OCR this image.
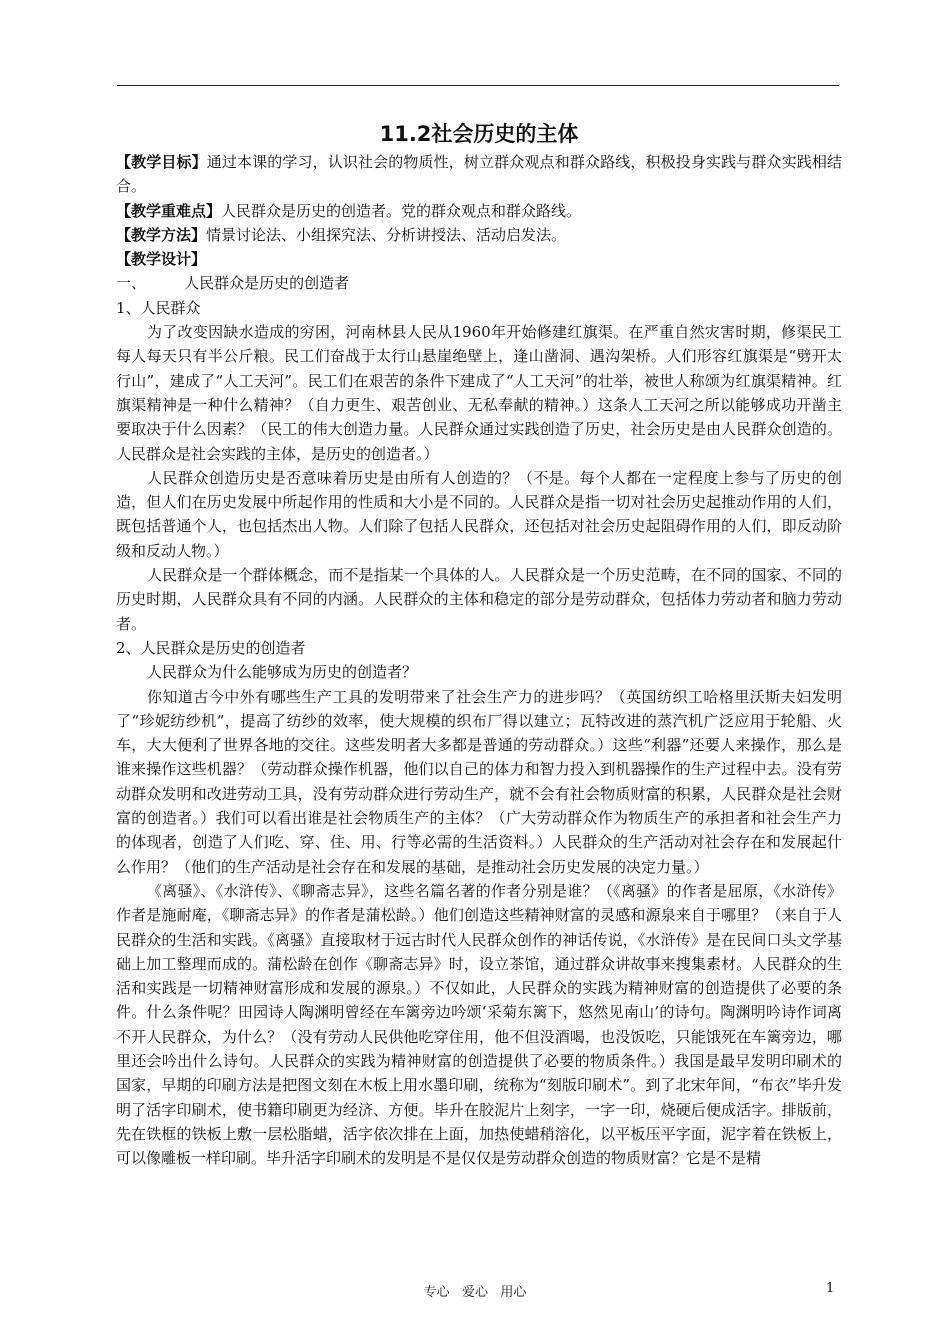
11.2社会历史的主体

【教学目标】通过本课的学习，认识社会的物质性，树立群众观点和群众路线，积极投身实践与群众实践相结合。

【教学重难点】人民群众是历史的创造者。党的群众观点和群众路线。

【教学方法】情景讨论法、小组探究法、分析讲授法、活动启发法。

【教学设计】

一、        人民群众是历史的创造者

1、人民群众

为了改变因缺水造成的穷困，河南林县人民从1960年开始修建红旗渠。在严重自然灾害时期，修渠民工每人每天只有半公斤粮。民工们奋战于太行山悬崖绝壁上，逢山凿洞、遇沟架桥。人们形容红旗渠是“劈开太行山”，建成了“人工天河”。民工们在艰苦的条件下建成了“人工天河”的壮举，被世人称颂为红旗渠精神。红旗渠精神是一种什么精神？（自力更生、艰苦创业、无私奉献的精神。）这条人工天河之所以能够成功开凿主要取决于什么因素？（民工的伟大创造力量。人民群众通过实践创造了历史，社会历史是由人民群众创造的。人民群众是社会实践的主体，是历史的创造者。）

人民群众创造历史是否意味着历史是由所有人创造的？（不是。每个人都在一定程度上参与了历史的创造，但人们在历史发展中所起作用的性质和大小是不同的。人民群众是指一切对社会历史起推动作用的人们，既包括普通个人，也包括杰出人物。人们除了包括人民群众，还包括对社会历史起阻碍作用的人们，即反动阶级和反动人物。）

人民群众是一个群体概念，而不是指某一个具体的人。人民群众是一个历史范畴，在不同的国家、不同的历史时期，人民群众具有不同的内涵。人民群众的主体和稳定的部分是劳动群众，包括体力劳动者和脑力劳动者。

2、人民群众是历史的创造者

人民群众为什么能够成为历史的创造者？

你知道古今中外有哪些生产工具的发明带来了社会生产力的进步吗？（英国纺织工哈格里沃斯夫妇发明了“珍妮纺纱机”，提高了纺纱的效率，使大规模的织布厂得以建立；瓦特改进的蒸汽机广泛应用于轮船、火车，大大便利了世界各地的交往。这些发明者大多都是普通的劳动群众。）这些“利器”还要人来操作，那么是谁来操作这些机器？（劳动群众操作机器，他们以自己的体力和智力投入到机器操作的生产过程中去。没有劳动群众发明和改进劳动工具，没有劳动群众进行劳动生产，就不会有社会物质财富的积累，人民群众是社会财富的创造者。）我们可以看出谁是社会物质生产的主体？（广大劳动群众作为物质生产的承担者和社会生产力的体现者，创造了人们吃、穿、住、用、行等必需的生活资料。）人民群众的生产活动对社会存在和发展起什么作用？（他们的生产活动是社会存在和发展的基础，是推动社会历史发展的决定力量。）

《离骚》、《水浒传》、《聊斋志异》，这些名篇名著的作者分别是谁？（《离骚》的作者是屈原，《水浒传》作者是施耐庵，《聊斋志异》的作者是蒲松龄。）他们创造这些精神财富的灵感和源泉来自于哪里？（来自于人民群众的生活和实践。《离骚》直接取材于远古时代人民群众创作的神话传说，《水浒传》是在民间口头文学基础上加工整理而成的。蒲松龄在创作《聊斋志异》时，设立茶馆，通过群众讲故事来搜集素材。人民群众的生活和实践是一切精神财富形成和发展的源泉。）不仅如此，人民群众的实践为精神财富的创造提供了必要的条件。什么条件呢？田园诗人陶渊明曾经在车篱旁边吟颂‘采菊东篱下，悠然见南山’的诗句。陶渊明吟诗作词离不开人民群众，为什么？（没有劳动人民供他吃穿住用，他不但没酒喝，也没饭吃，只能饿死在车篱旁边，哪里还会吟出什么诗句。人民群众的实践为精神财富的创造提供了必要的物质条件。）我国是最早发明印刷术的国家，早期的印刷方法是把图文刻在木板上用水墨印刷，统称为“刻版印刷术”。到了北宋年间，“布衣”毕升发明了活字印刷术，使书籍印刷更为经济、方便。毕升在胶泥片上刻字，一字一印，烧硬后便成活字。排版前，先在铁框的铁板上敷一层松脂蜡，活字依次排在上面，加热使蜡稍溶化，以平板压平字面，泥字着在铁板上，可以像雕板一样印刷。毕升活字印刷术的发明是不是仅仅是劳动群众创造的物质财富？它是不是精

专心   爱心   用心	1
